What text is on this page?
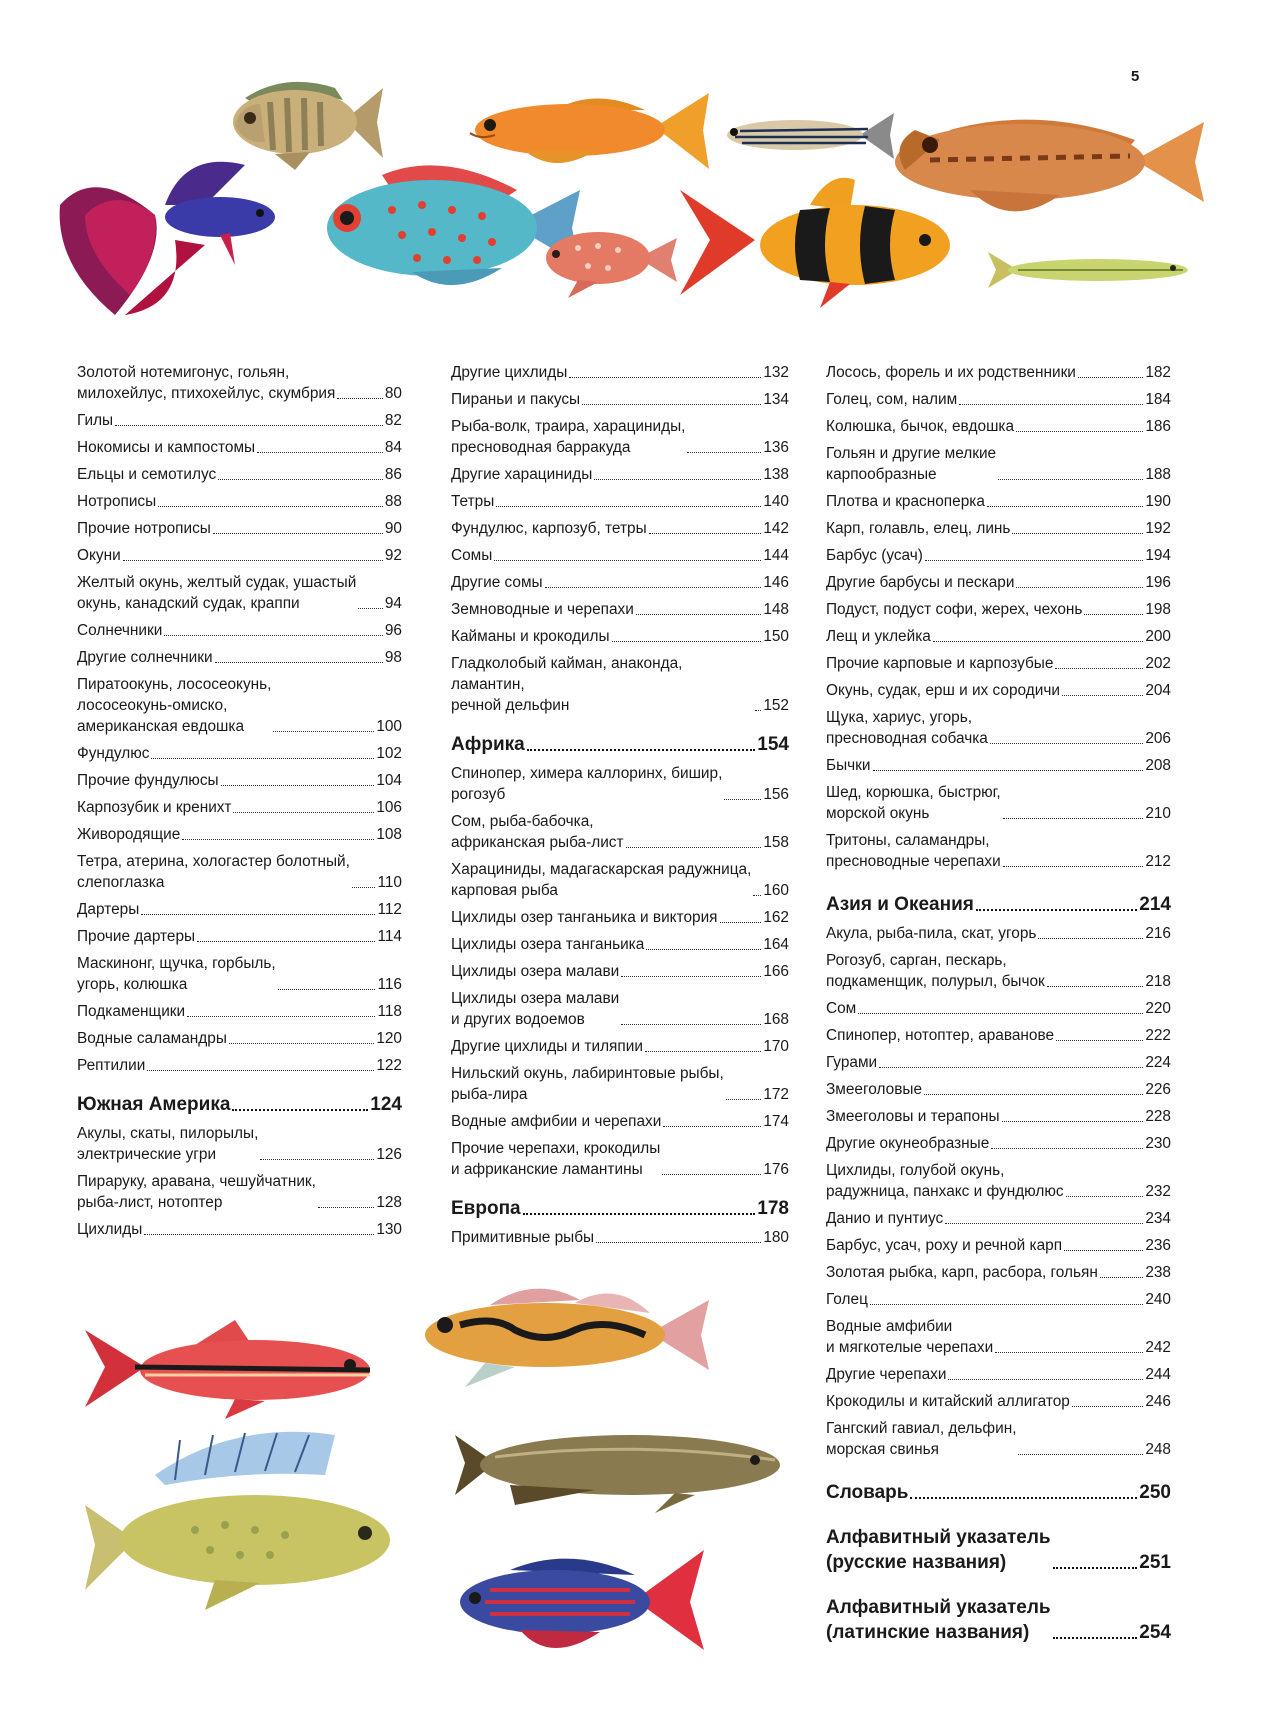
5
Золотой нотемигонус, гольян,
милохейлус, птихохейлус, скумбрия	80
Гилы	82
Нокомисы и кампостомы	84
Ельцы и семотилус	86
Нотрописы	88
Прочие нотрописы	90
Окуни	92
Желтый окунь, желтый судак, ушастый
окунь, канадский судак, краппи	94
Солнечники	96
Другие солнечники	98
Пиратоокунь, лососеокунь,
лососеокунь-омиско,
американская евдошка	100
Фундулюс	102
Прочие фундулюсы	104
Карпозубик и кренихт	106
Живородящие	108
Тетра, атерина, хологастер болотный,
слепоглазка	110
Дартеры	112
Прочие дартеры	114
Маскинонг, щучка, горбыль,
угорь, колюшка	116
Подкаменщики	118
Водные саламандры	120
Рептилии	122
Южная Америка	124
Акулы, скаты, пилорылы,
электрические угри	126
Пираруку, аравана, чешуйчатник,
рыба-лист, нотоптер	128
Цихлиды	130
Другие цихлиды	132
Пираньи и пакусы	134
Рыба-волк, траира, харациниды,
пресноводная барракуда	136
Другие харациниды	138
Тетры	140
Фундулюс, карпозуб, тетры	142
Сомы	144
Другие сомы	146
Земноводные и черепахи	148
Кайманы и крокодилы	150
Гладколобый кайман, анаконда, ламантин,
речной дельфин	152
Африка	154
Спинопер, химера каллоринх, бишир,
рогозуб	156
Сом, рыба-бабочка,
африканская рыба-лист	158
Харациниды, мадагаскарская радужница,
карповая рыба	160
Цихлиды озер танганьика и виктория	162
Цихлиды озера танганьика	164
Цихлиды озера малави	166
Цихлиды озера малави
и других водоемов	168
Другие цихлиды и тиляпии	170
Нильский окунь, лабиринтовые рыбы,
рыба-лира	172
Водные амфибии и черепахи	174
Прочие черепахи, крокодилы
и африканские ламантины	176
Европа	178
Примитивные рыбы	180
Лосось, форель и их родственники	182
Голец, сом, налим	184
Колюшка, бычок, евдошка	186
Гольян и другие мелкие
карпообразные	188
Плотва и красноперка	190
Карп, голавль, елец, линь	192
Барбус (усач)	194
Другие барбусы и пескари	196
Подуст, подуст софи, жерех, чехонь	198
Лещ и уклейка	200
Прочие карповые и карпозубые	202
Окунь, судак, ерш и их сородичи	204
Щука, хариус, угорь,
пресноводная собачка	206
Бычки	208
Шед, корюшка, быстрюг,
морской окунь	210
Тритоны, саламандры,
пресноводные черепахи	212
Азия и Океания	214
Акула, рыба-пила, скат, угорь	216
Рогозуб, сарган, пескарь,
подкаменщик, полурыл, бычок	218
Сом	220
Спинопер, нотоптер, араванове	222
Гурами	224
Змееголовые	226
Змееголовы и терапоны	228
Другие окунеобразные	230
Цихлиды, голубой окунь,
радужница, панхакс и фундюлюс	232
Данио и пунтиус	234
Барбус, усач, роху и речной карп	236
Золотая рыбка, карп, расбора, гольян	238
Голец	240
Водные амфибии
и мягкотелые черепахи	242
Другие черепахи	244
Крокодилы и китайский аллигатор	246
Гангский гавиал, дельфин,
морская свинья	248
Словарь	250
Алфавитный указатель
(русские названия)	251
Алфавитный указатель
(латинские названия)	254
